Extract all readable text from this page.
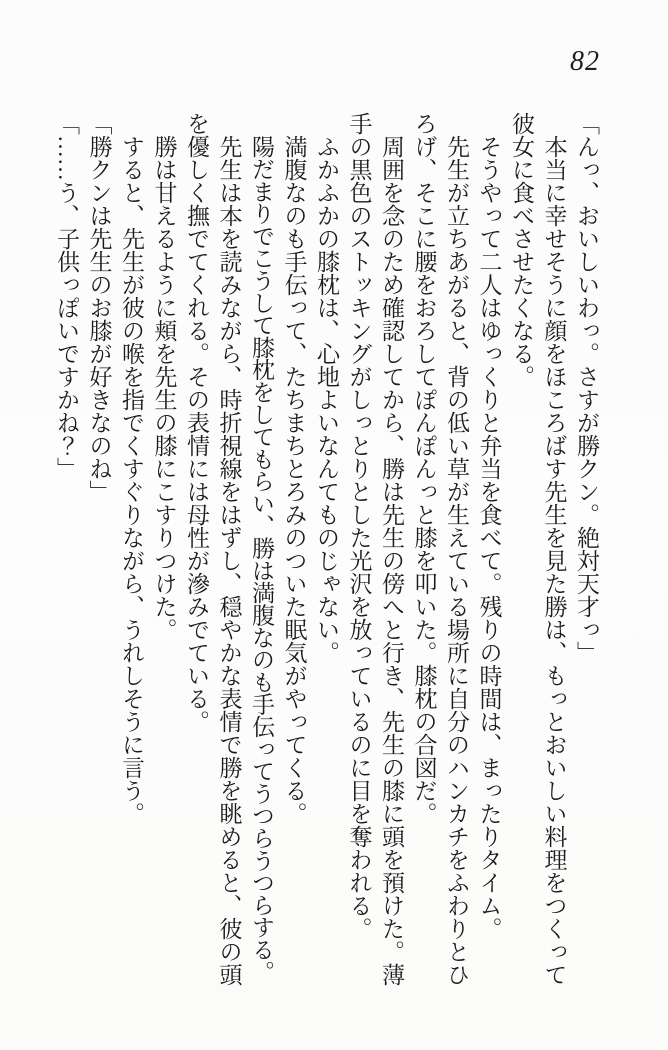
82

「んっ、おいしいわっ。さすが勝クン。絶対天才っ」

本当に幸せそうに顔をほころばす先生を見た勝は、もっとおいしい料理をつくって彼女に食べさせたくなる。

そうやって二人はゆっくりと弁当を食べて。残りの時間は、まったりタイム。

先生が立ちあがると、背の低い草が生えている場所に自分のハンカチをふわりとひろげ、そこに腰をおろしてぽんぽんっと膝を叩いた。膝枕の合図だ。

周囲を念のため確認してから、勝は先生の傍へと行き、先生の膝に頭を預けた。薄手の黒色のストッキングがしっとりとした光沢を放っているのに目を奪われる。

ふかふかの膝枕は、心地よいなんてものじゃない。

満腹なのも手伝って、たちまちとろみのついた眠気がやってくる。

陽だまりでこうして膝枕をしてもらい、勝は満腹なのも手伝ってうつらうつらする。

先生は本を読みながら、時折視線をはずし、穏やかな表情で勝を眺めると、彼の頭を優しく撫でてくれる。その表情には母性が滲みでている。

勝は甘えるように頬を先生の膝にこすりつけた。

すると、先生が彼の喉を指でくすぐりながら、うれしそうに言う。

「勝クンは先生のお膝が好きなのね」

「……う、子供っぽいですかね？」
